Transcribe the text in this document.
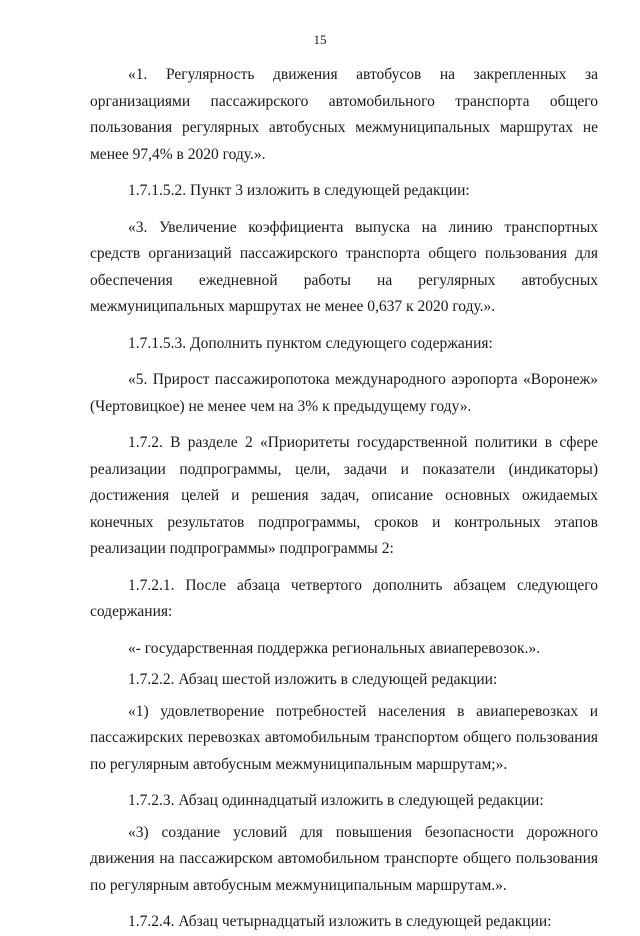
15

«1. Регулярность движения автобусов на закрепленных за организациями пассажирского автомобильного транспорта общего пользования регулярных автобусных межмуниципальных маршрутах не менее 97,4% в 2020 году.».

1.7.1.5.2. Пункт 3 изложить в следующей редакции:

«3. Увеличение коэффициента выпуска на линию транспортных средств организаций пассажирского транспорта общего пользования для обеспечения ежедневной работы на регулярных автобусных межмуниципальных маршрутах не менее 0,637 к 2020 году.».

1.7.1.5.3. Дополнить пунктом следующего содержания:

«5. Прирост пассажиропотока международного аэропорта «Воронеж» (Чертовицкое) не менее чем на 3% к предыдущему году».

1.7.2. В разделе 2 «Приоритеты государственной политики в сфере реализации подпрограммы, цели, задачи и показатели (индикаторы) достижения целей и решения задач, описание основных ожидаемых конечных результатов подпрограммы, сроков и контрольных этапов реализации подпрограммы» подпрограммы 2:

1.7.2.1. После абзаца четвертого дополнить абзацем следующего содержания:

«- государственная поддержка региональных авиаперевозок.».

1.7.2.2. Абзац шестой изложить в следующей редакции:

«1) удовлетворение потребностей населения в авиаперевозках и пассажирских перевозках автомобильным транспортом общего пользования по регулярным автобусным межмуниципальным маршрутам;».

1.7.2.3. Абзац одиннадцатый изложить в следующей редакции:

«3) создание условий для повышения безопасности дорожного движения на пассажирском автомобильном транспорте общего пользования по регулярным автобусным межмуниципальным маршрутам.».

1.7.2.4. Абзац четырнадцатый изложить в следующей редакции:
